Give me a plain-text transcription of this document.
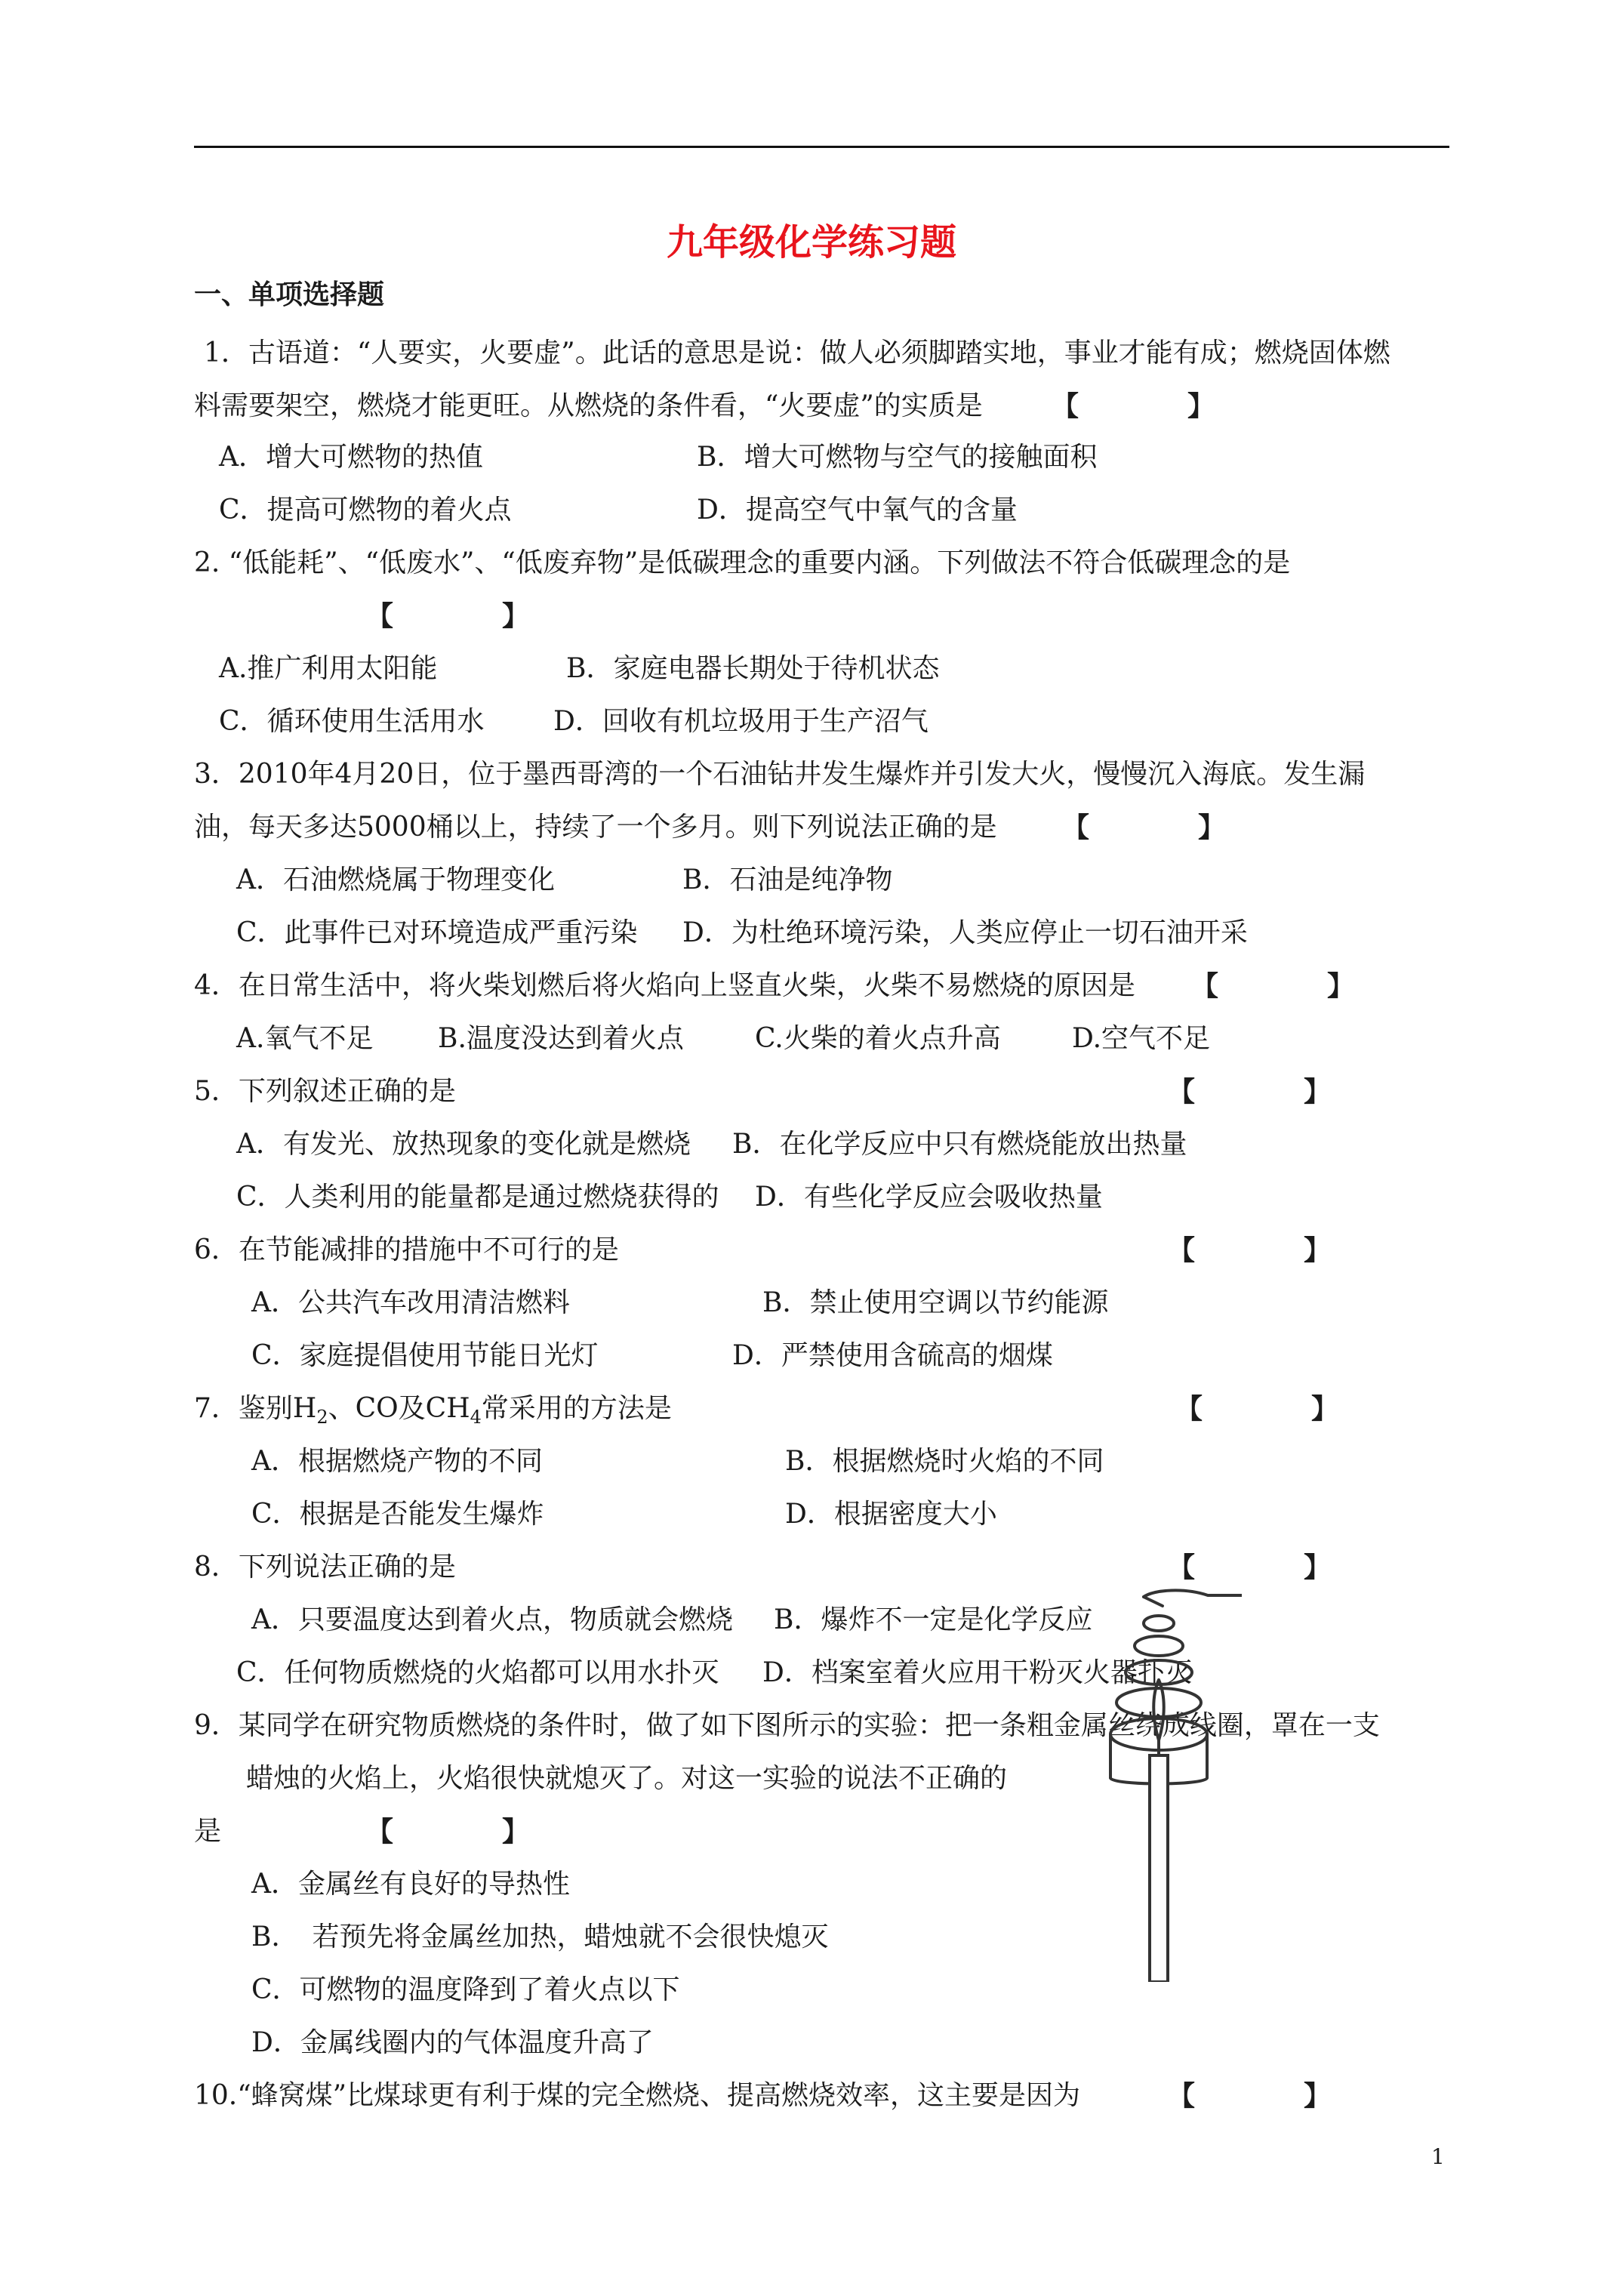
九年级化学练习题
一、单项选择题
1．古语道：“人要实，火要虚”。此话的意思是说：做人必须脚踏实地，事业才能有成；燃烧固体燃
料需要架空，燃烧才能更旺。从燃烧的条件看，“火要虚”的实质是	【　　　　】
A．增大可燃物的热值	B．增大可燃物与空气的接触面积
C．提高可燃物的着火点	D．提高空气中氧气的含量
2. “低能耗”、“低废水”、“低废弃物”是低碳理念的重要内涵。下列做法不符合低碳理念的是
【　　　　】
A.推广利用太阳能	B．家庭电器长期处于待机状态
C．循环使用生活用水	D．回收有机垃圾用于生产沼气
3．2010年4月20日，位于墨西哥湾的一个石油钻井发生爆炸并引发大火，慢慢沉入海底。发生漏
油，每天多达5000桶以上，持续了一个多月。则下列说法正确的是 【　　　　】
A．石油燃烧属于物理变化	B．石油是纯净物
C．此事件已对环境造成严重污染 D．为杜绝环境污染，人类应停止一切石油开采
4．在日常生活中，将火柴划燃后将火焰向上竖直火柴，火柴不易燃烧的原因是 【　　　　】
A.氧气不足 B.温度没达到着火点	C.火柴的着火点升高	D.空气不足
5．下列叙述正确的是	【　　　　】
A．有发光、放热现象的变化就是燃烧 B．在化学反应中只有燃烧能放出热量
C．人类利用的能量都是通过燃烧获得的 D．有些化学反应会吸收热量
6．在节能减排的措施中不可行的是	【　　　　】
A．公共汽车改用清洁燃料	B．禁止使用空调以节约能源
C．家庭提倡使用节能日光灯	D．严禁使用含硫高的烟煤
7．鉴别$H_2$、CO及$CH_4$常采用的方法是	【　　　　】
A．根据燃烧产物的不同	B．根据燃烧时火焰的不同
C．根据是否能发生爆炸	D．根据密度大小
8．下列说法正确的是	【　　　　】
A．只要温度达到着火点，物质就会燃烧 B．爆炸不一定是化学反应
C．任何物质燃烧的火焰都可以用水扑灭 D．档案室着火应用干粉灭火器扑灭
9．某同学在研究物质燃烧的条件时，做了如下图所示的实验：把一条粗金属丝绕成线圈，罩在一支
蜡烛的火焰上，火焰很快就熄灭了。对这一实验的说法不正确的
是	【　　　　】
A．金属丝有良好的导热性
B．　若预先将金属丝加热，蜡烛就不会很快熄灭
C．可燃物的温度降到了着火点以下
D．金属线圈内的气体温度升高了
10.“蜂窝煤”比煤球更有利于煤的完全燃烧、提高燃烧效率，这主要是因为	【　　　　】
1
